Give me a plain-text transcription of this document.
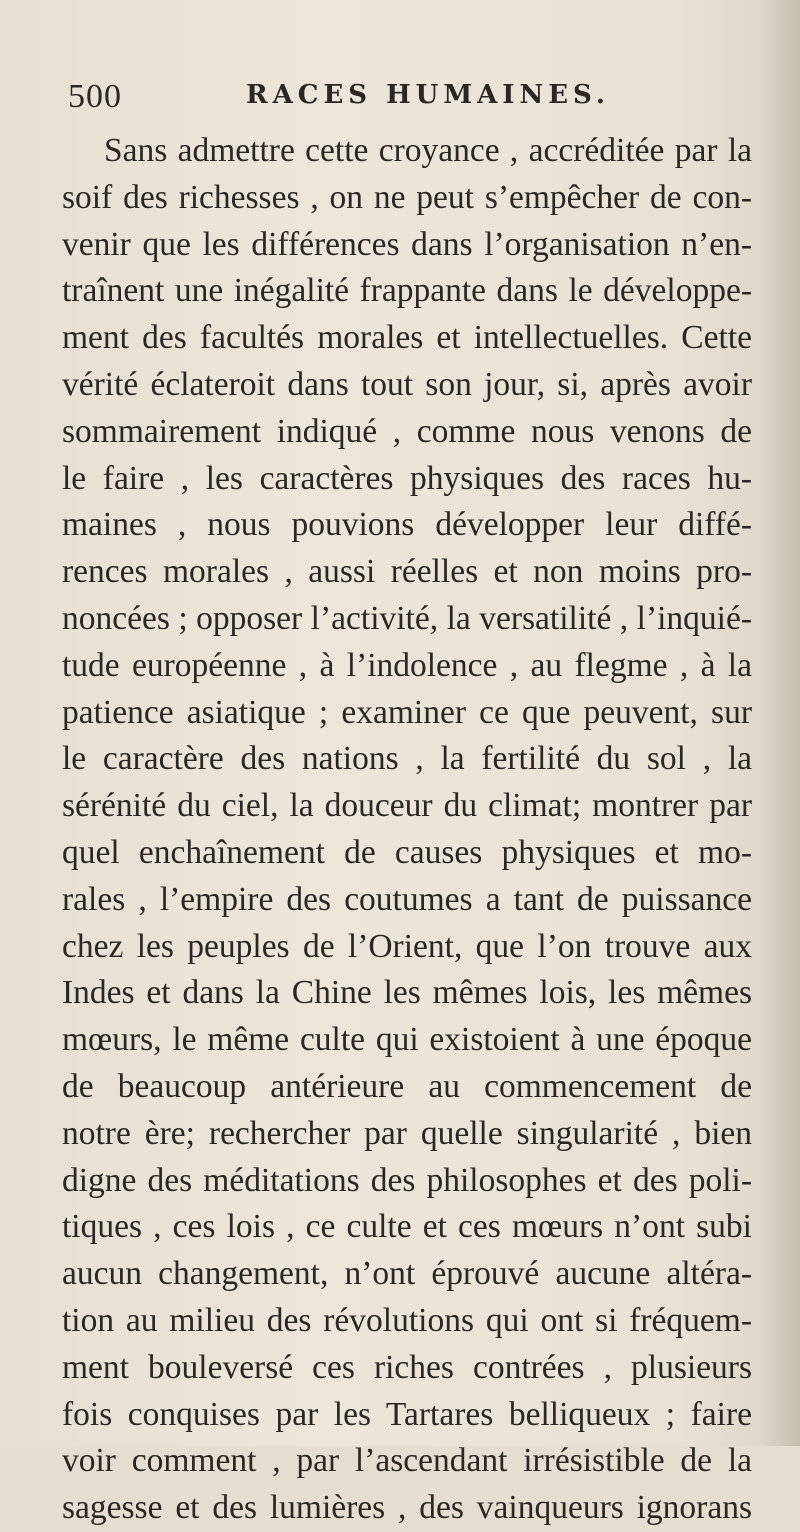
500	RACES HUMAINES.
Sans admettre cette croyance , accréditée par la
soif des richesses , on ne peut s’empêcher de con-
venir que les différences dans l’organisation n’en-
traînent une inégalité frappante dans le développe-
ment des facultés morales et intellectuelles. Cette
vérité éclateroit dans tout son jour, si, après avoir
sommairement indiqué , comme nous venons de
le faire , les caractères physiques des races hu-
maines , nous pouvions développer leur diffé-
rences morales , aussi réelles et non moins pro-
noncées ; opposer l’activité, la versatilité , l’inquié-
tude européenne , à l’indolence , au flegme , à la
patience asiatique ; examiner ce que peuvent, sur
le caractère des nations , la fertilité du sol , la
sérénité du ciel, la douceur du climat; montrer par
quel enchaînement de causes physiques et mo-
rales , l’empire des coutumes a tant de puissance
chez les peuples de l’Orient, que l’on trouve aux
Indes et dans la Chine les mêmes lois, les mêmes
mœurs, le même culte qui existoient à une époque
de beaucoup antérieure au commencement de
notre ère; rechercher par quelle singularité , bien
digne des méditations des philosophes et des poli-
tiques , ces lois , ce culte et ces mœurs n’ont subi
aucun changement, n’ont éprouvé aucune altéra-
tion au milieu des révolutions qui ont si fréquem-
ment bouleversé ces riches contrées , plusieurs
fois conquises par les Tartares belliqueux ; faire
voir comment , par l’ascendant irrésistible de la
sagesse et des lumières , des vainqueurs ignorans
